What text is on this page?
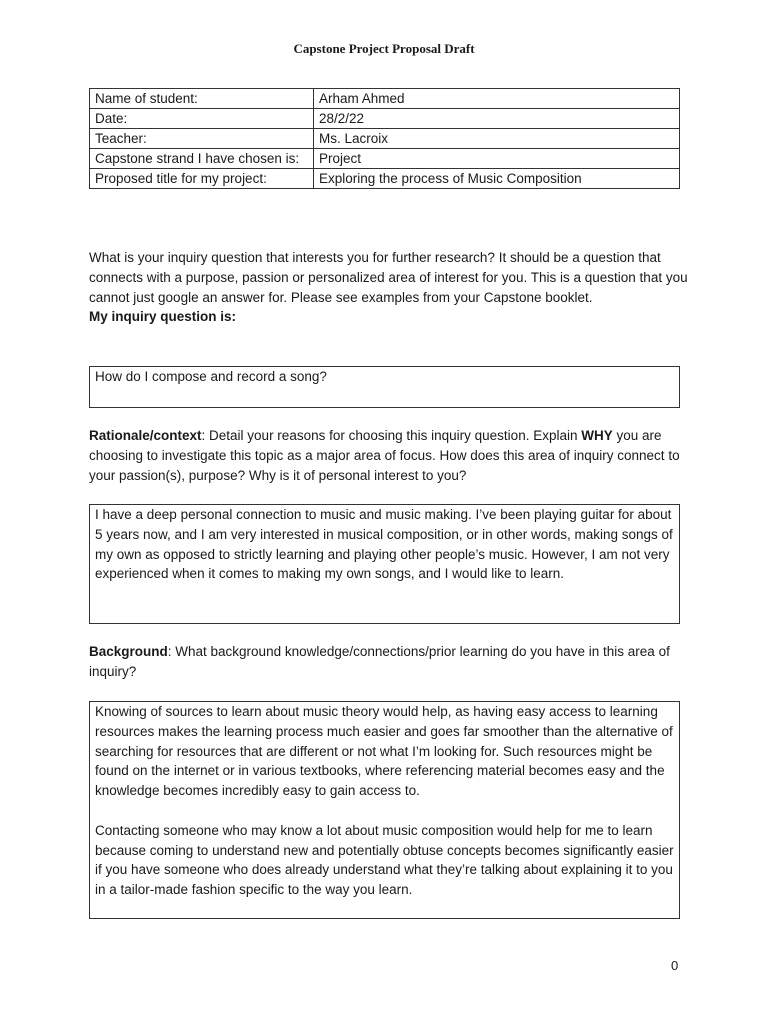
Capstone Project Proposal Draft
Name of student:	Arham Ahmed
Date:	28/2/22
Teacher:	Ms. Lacroix
Capstone strand I have chosen is:	Project
Proposed title for my project:	Exploring the process of Music Composition
What is your inquiry question that interests you for further research? It should be a question that connects with a purpose, passion or personalized area of interest for you. This is a question that you cannot just google an answer for. Please see examples from your Capstone booklet.
My inquiry question is:

How do I compose and record a song?

Rationale/context: Detail your reasons for choosing this inquiry question. Explain WHY you are choosing to investigate this topic as a major area of focus. How does this area of inquiry connect to your passion(s), purpose? Why is it of personal interest to you?

I have a deep personal connection to music and music making. I’ve been playing guitar for about 5 years now, and I am very interested in musical composition, or in other words, making songs of my own as opposed to strictly learning and playing other people’s music. However, I am not very experienced when it comes to making my own songs, and I would like to learn.

Background: What background knowledge/connections/prior learning do you have in this area of inquiry?

Knowing of sources to learn about music theory would help, as having easy access to learning resources makes the learning process much easier and goes far smoother than the alternative of searching for resources that are different or not what I’m looking for. Such resources might be found on the internet or in various textbooks, where referencing material becomes easy and the knowledge becomes incredibly easy to gain access to.

Contacting someone who may know a lot about music composition would help for me to learn because coming to understand new and potentially obtuse concepts becomes significantly easier if you have someone who does already understand what they’re talking about explaining it to you in a tailor-made fashion specific to the way you learn.

0
